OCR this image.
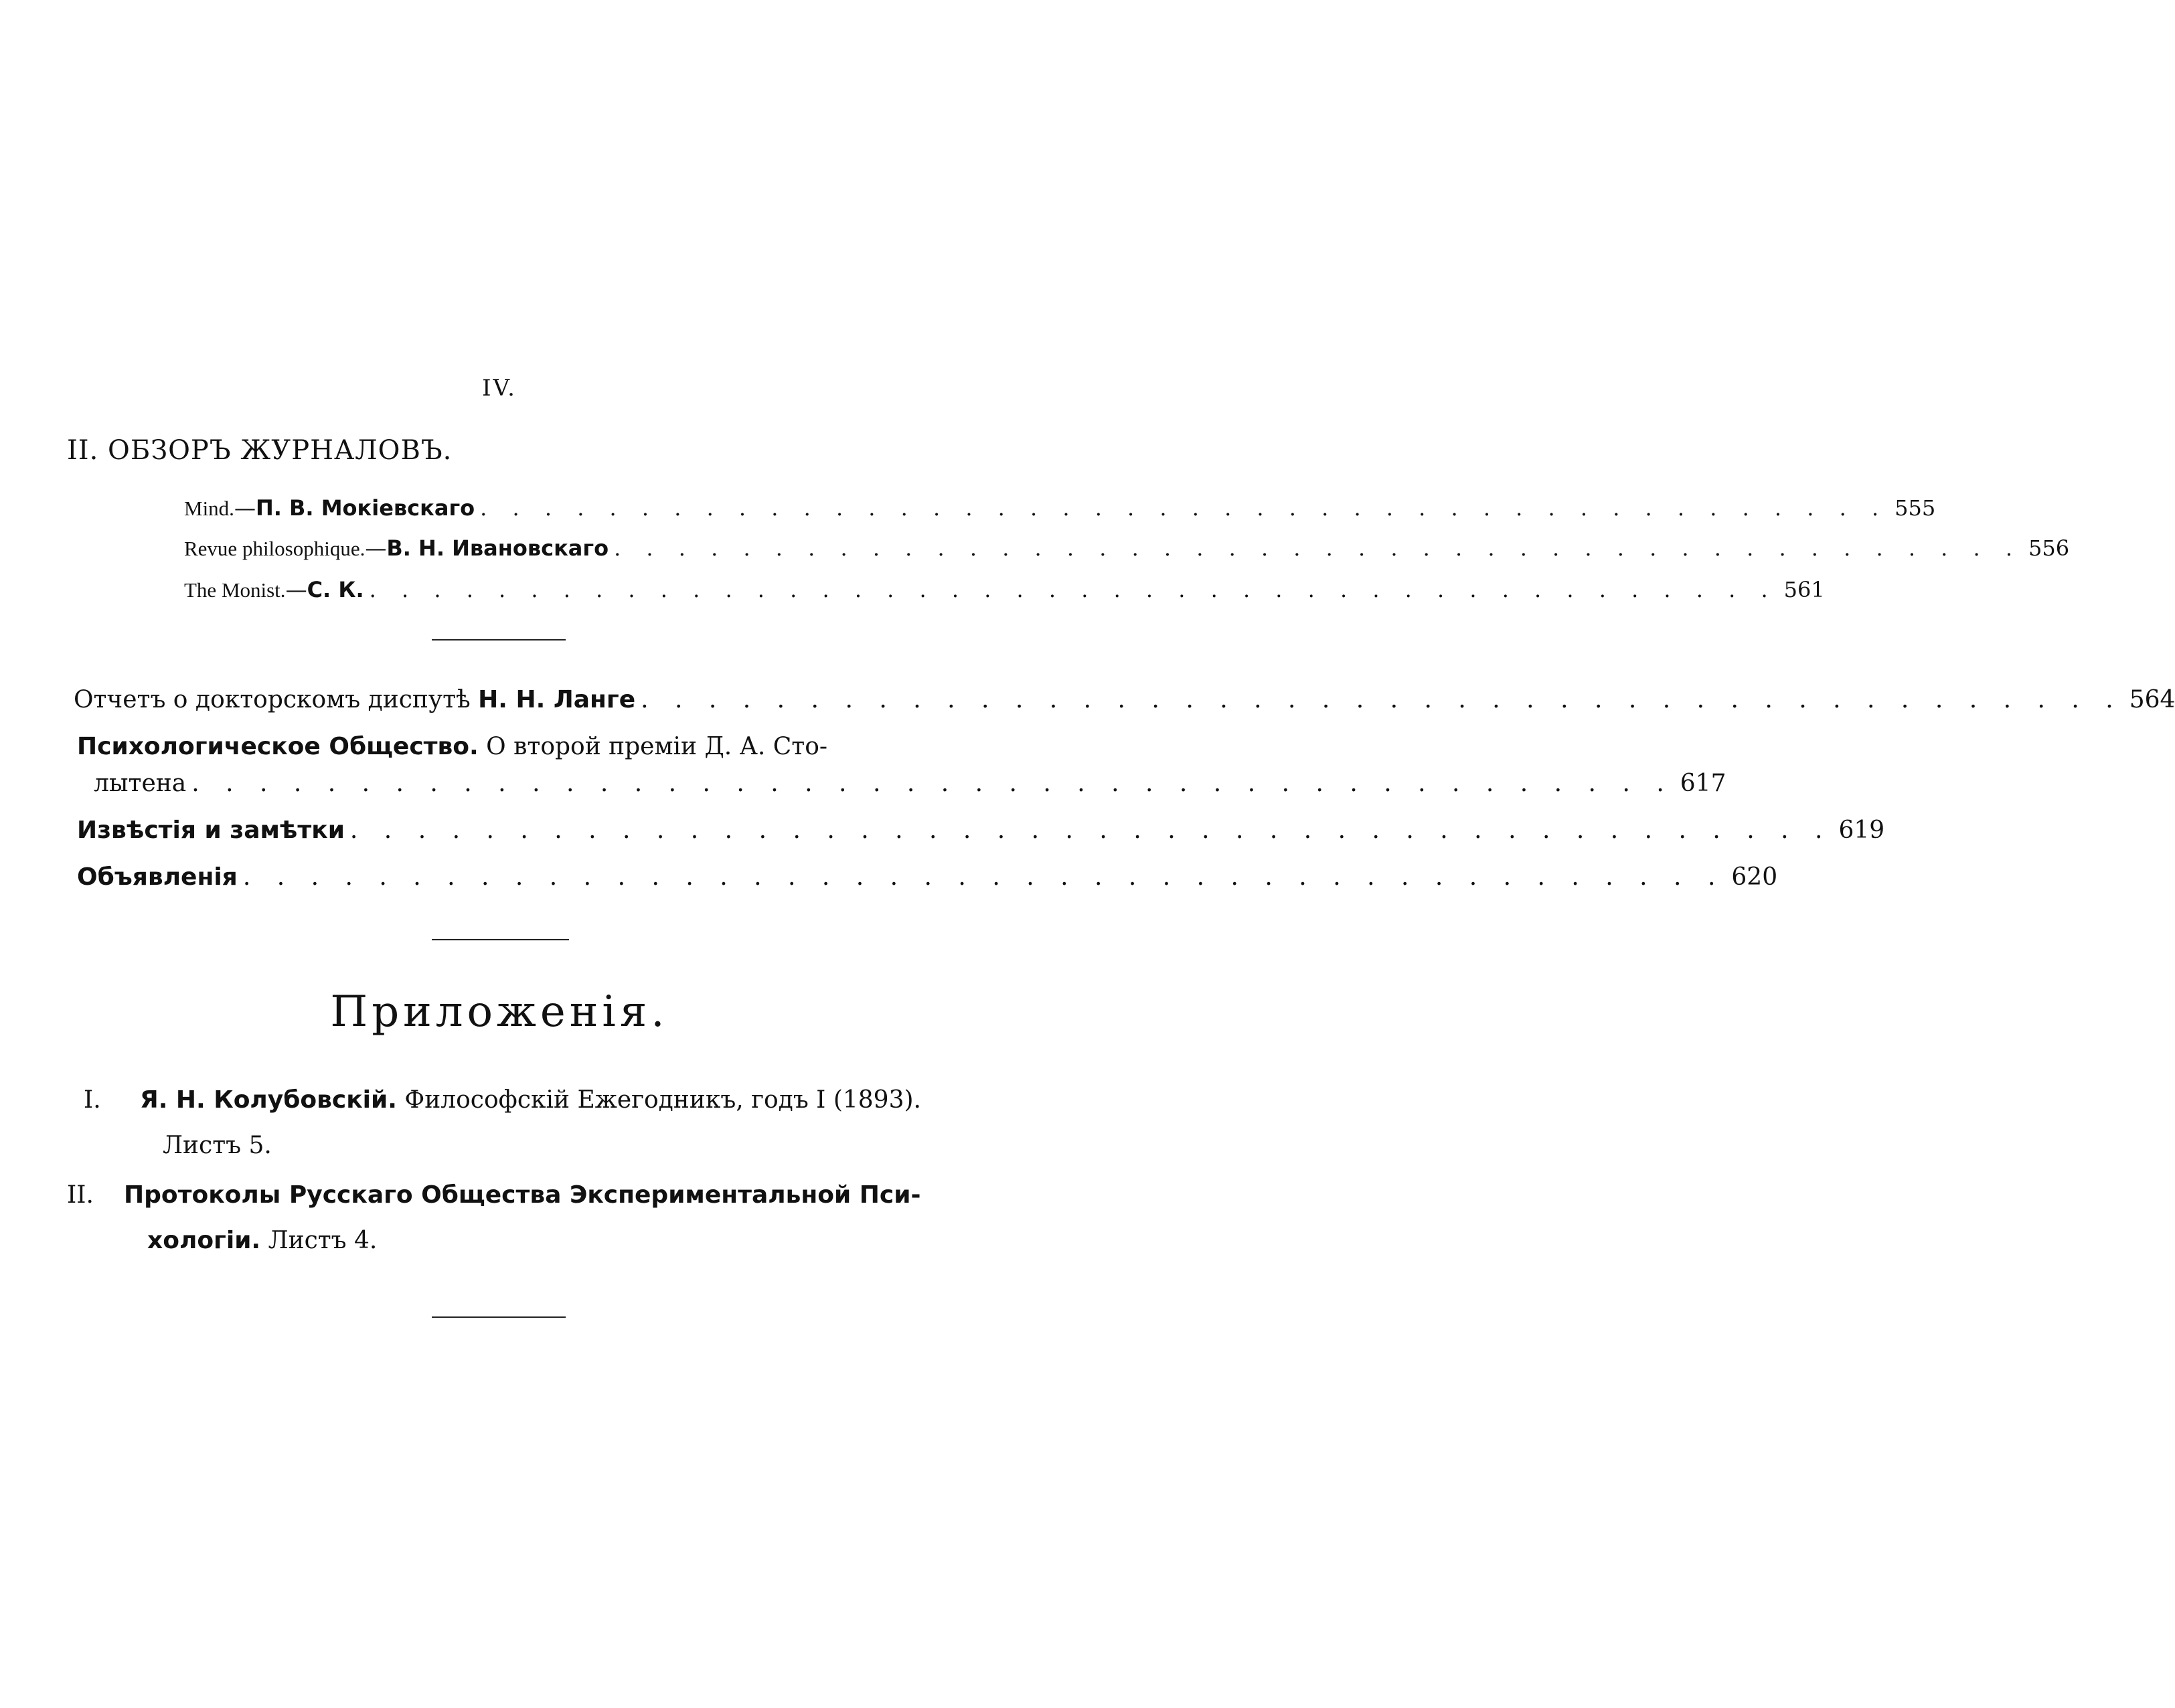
IV.
II. ОБЗОРЪ ЖУРНАЛОВЪ.
Mind. — П. В. Мокіевскаго . . . . . . . . . . . . . . . . . . . . . . . . . . . . . . . . . . . . . . . . . . . . 555
Revue philosophique. — В. Н. Ивановскаго . . . . . . . . . . . . . . . . . . . . . . . . . . . . . . . . . . . . . . . . . . . . 556
The Monist. — С. К. . . . . . . . . . . . . . . . . . . . . . . . . . . . . . . . . . . . . . . . . . . . . 561
Отчетъ о докторскомъ диспутѣ
Н. Н. Ланге . . . . . . . . . . . . . . . . . . . . . . . . . . . . . . . . . . . . . . . . . . . . 564
Психологическое Общество.
О второй преміи Д. А. Сто-
лытена . . . . . . . . . . . . . . . . . . . . . . . . . . . . . . . . . . . . . . . . . . . . 617
Извѣстія и замѣтки . . . . . . . . . . . . . . . . . . . . . . . . . . . . . . . . . . . . . . . . . . . . 619
Объявленія . . . . . . . . . . . . . . . . . . . . . . . . . . . . . . . . . . . . . . . . . . . . 620
Приложенія.
I. Я. Н. Колубовскій. Философскій Ежегодникъ, годъ I (1893).
Листъ 5.
II. Протоколы Русскаго Общества Экспериментальной Пси-
хологіи. Листъ 4.
